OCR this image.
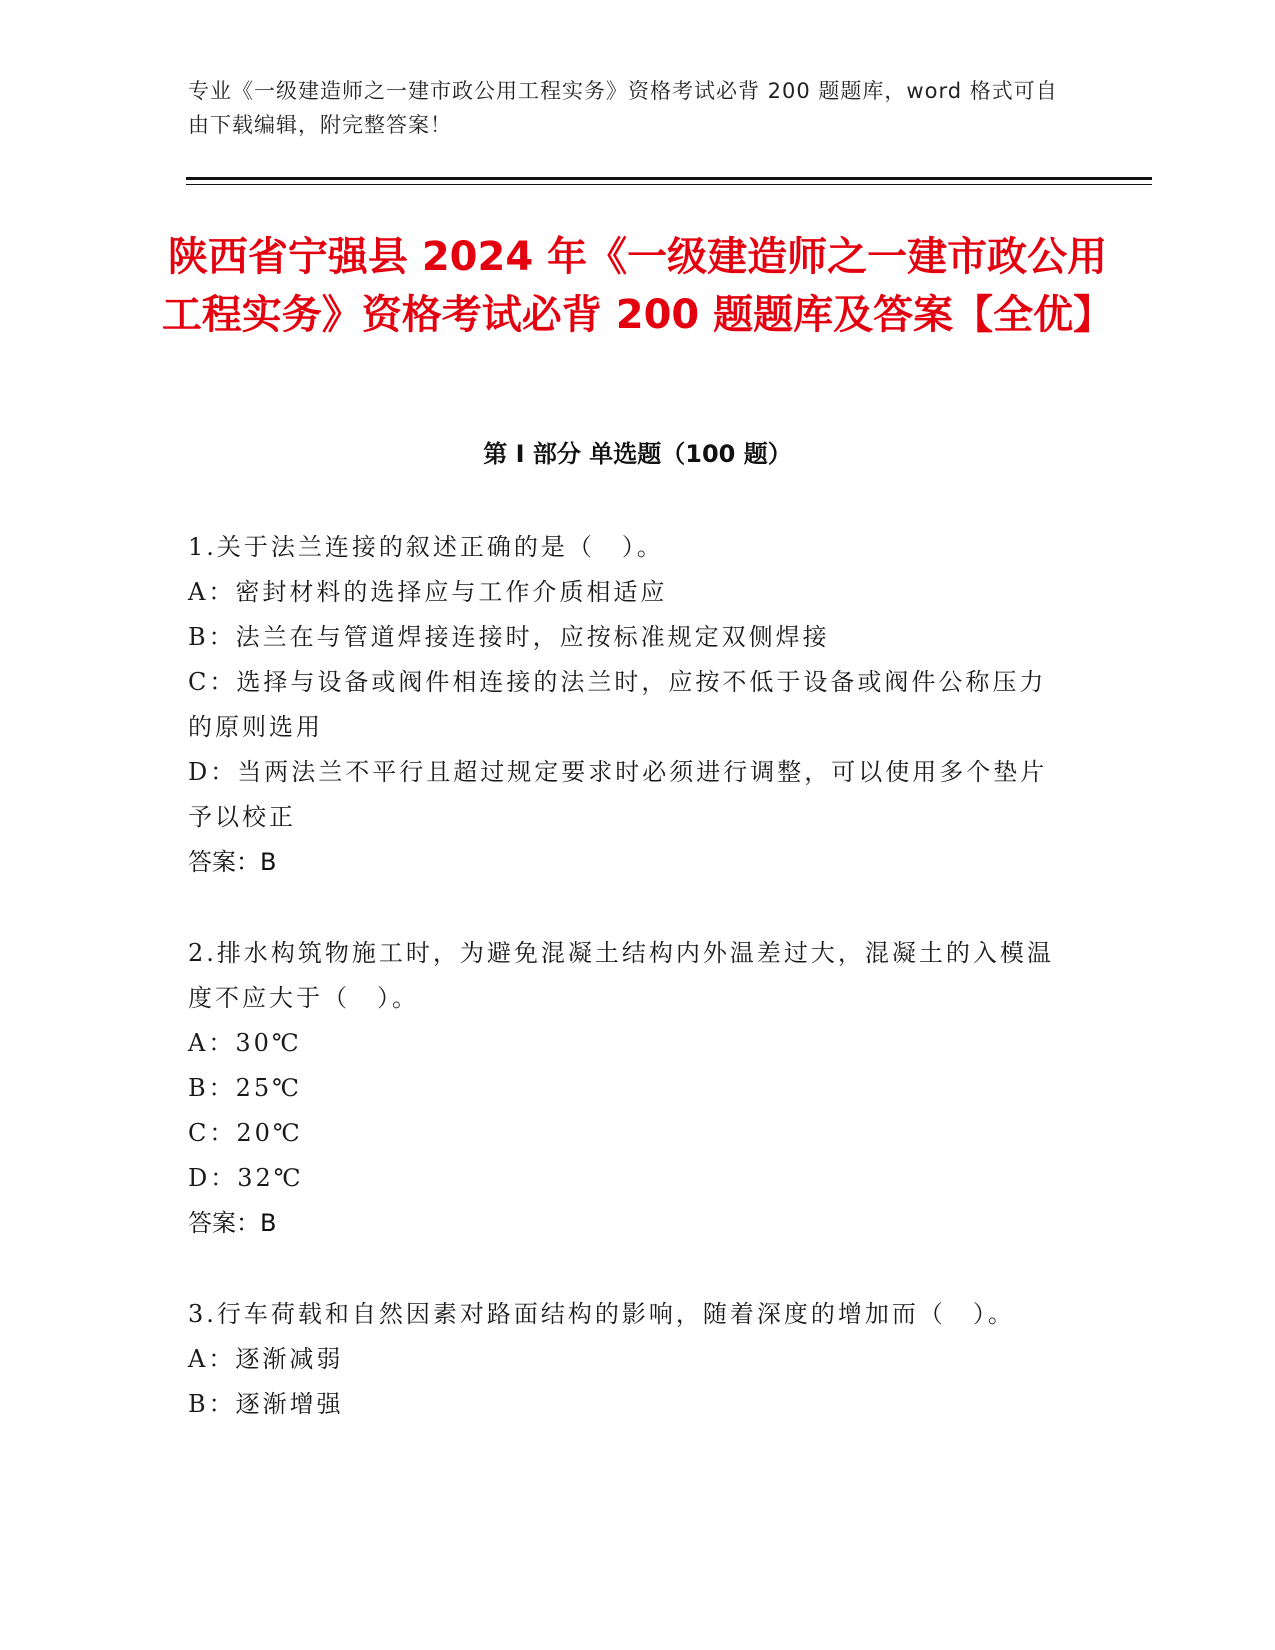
专业《一级建造师之一建市政公用工程实务》资格考试必背 200 题题库，word 格式可自由下载编辑，附完整答案！
陕西省宁强县 2024 年《一级建造师之一建市政公用工程实务》资格考试必背 200 题题库及答案【全优】
第 I 部分 单选题（100 题）

1.关于法兰连接的叙述正确的是（　）。

A：密封材料的选择应与工作介质相适应

B：法兰在与管道焊接连接时，应按标准规定双侧焊接

C：选择与设备或阀件相连接的法兰时，应按不低于设备或阀件公称压力的原则选用

D：当两法兰不平行且超过规定要求时必须进行调整，可以使用多个垫片予以校正

答案：B

2.排水构筑物施工时，为避免混凝土结构内外温差过大，混凝土的入模温度不应大于（　）。

A：30℃

B：25℃

C：20℃

D：32℃

答案：B

3.行车荷载和自然因素对路面结构的影响，随着深度的增加而（　）。

A：逐渐减弱

B：逐渐增强
